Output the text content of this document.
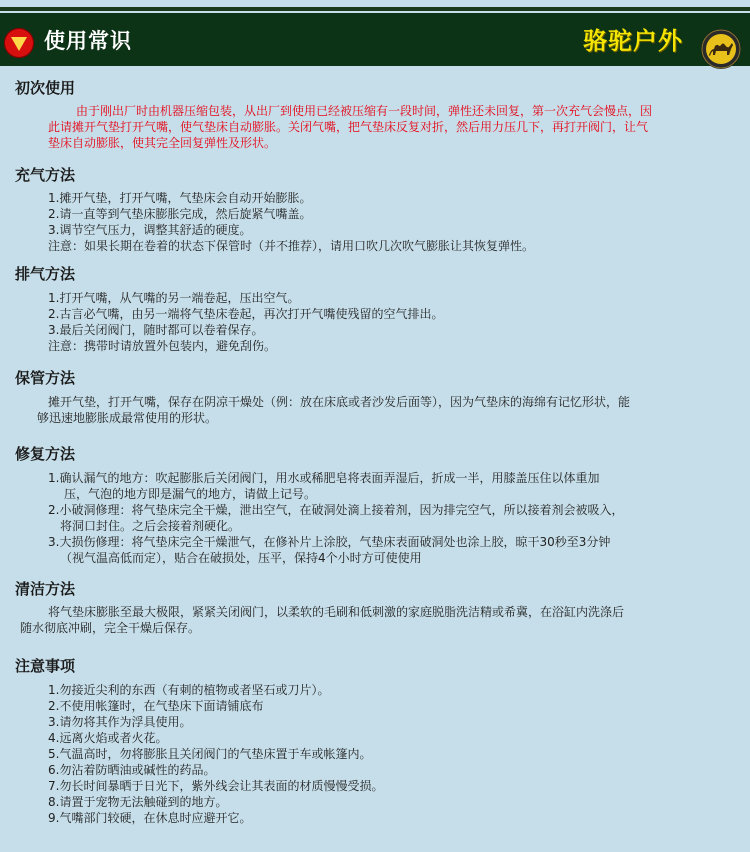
使用常识	骆驼户外
初次使用
由于刚出厂时由机器压缩包装，从出厂到使用已经被压缩有一段时间，弹性还未回复，第一次充气会慢点，因
此请摊开气垫打开气嘴，使气垫床自动膨胀。关闭气嘴，把气垫床反复对折，然后用力压几下，再打开阀门，让气
垫床自动膨胀，使其完全回复弹性及形状。
充气方法
1.摊开气垫，打开气嘴，气垫床会自动开始膨胀。
2.请一直等到气垫床膨胀完成，然后旋紧气嘴盖。
3.调节空气压力，调整其舒适的硬度。
注意：如果长期在卷着的状态下保管时（并不推荐），请用口吹几次吹气膨胀让其恢复弹性。
排气方法
1.打开气嘴，从气嘴的另一端卷起，压出空气。
2.古言必气嘴，由另一端将气垫床卷起，再次打开气嘴使残留的空气排出。
3.最后关闭阀门，随时都可以卷着保存。
注意：携带时请放置外包装内，避免刮伤。
保管方法
摊开气垫，打开气嘴，保存在阴凉干燥处（例：放在床底或者沙发后面等），因为气垫床的海绵有记忆形状，能
够迅速地膨胀成最常使用的形状。
修复方法
1.确认漏气的地方：吹起膨胀后关闭阀门，用水或稀肥皂将表面弄湿后，折成一半，用膝盖压住以体重加
压，气泡的地方即是漏气的地方，请做上记号。
2.小破洞修理：将气垫床完全干燥，泄出空气，在破洞处滴上接着剂，因为排完空气，所以接着剂会被吸入，
将洞口封住。之后会接着剂硬化。
3.大损伤修理：将气垫床完全干燥泄气，在修补片上涂胶，气垫床表面破洞处也涂上胶，晾干30秒至3分钟
（视气温高低而定），贴合在破损处，压平，保持4个小时方可使使用
清洁方法
将气垫床膨胀至最大极限，紧紧关闭阀门，以柔软的毛刷和低刺激的家庭脱脂洗洁精或希冀，在浴缸内洗涤后
随水彻底冲刷，完全干燥后保存。
注意事项
1.勿接近尖利的东西（有刺的植物或者坚石或刀片）。
2.不使用帐篷时，在气垫床下面请铺底布
3.请勿将其作为浮具使用。
4.远离火焰或者火花。
5.气温高时，勿将膨胀且关闭阀门的气垫床置于车或帐篷内。
6.勿沾着防晒油或碱性的药品。
7.勿长时间暴晒于日光下，紫外线会让其表面的材质慢慢受损。
8.请置于宠物无法触碰到的地方。
9.气嘴部门较硬，在休息时应避开它。
